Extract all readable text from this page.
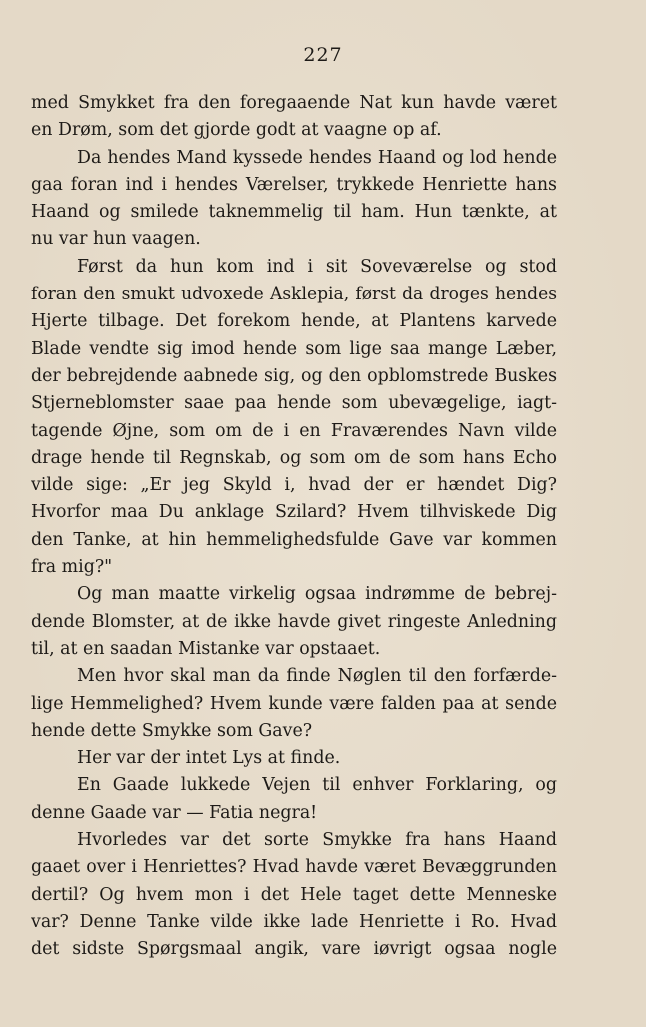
227
med Smykket fra den foregaaende Nat kun havde været
en Drøm, som det gjorde godt at vaagne op af.
Da hendes Mand kyssede hendes Haand og lod hende
gaa foran ind i hendes Værelser, trykkede Henriette hans
Haand og smilede taknemmelig til ham. Hun tænkte, at
nu var hun vaagen.
Først da hun kom ind i sit Soveværelse og stod
foran den smukt udvoxede Asklepia, først da droges hendes
Hjerte tilbage. Det forekom hende, at Plantens karvede
Blade vendte sig imod hende som lige saa mange Læber,
der bebrejdende aabnede sig, og den opblomstrede Buskes
Stjerneblomster saae paa hende som ubevægelige, iagt-
tagende Øjne, som om de i en Fraværendes Navn vilde
drage hende til Regnskab, og som om de som hans Echo
vilde sige: „Er jeg Skyld i, hvad der er hændet Dig?
Hvorfor maa Du anklage Szilard? Hvem tilhviskede Dig
den Tanke, at hin hemmelighedsfulde Gave var kommen
fra mig?"
Og man maatte virkelig ogsaa indrømme de bebrej-
dende Blomster, at de ikke havde givet ringeste Anledning
til, at en saadan Mistanke var opstaaet.
Men hvor skal man da finde Nøglen til den forfærde-
lige Hemmelighed? Hvem kunde være falden paa at sende
hende dette Smykke som Gave?
Her var der intet Lys at finde.
En Gaade lukkede Vejen til enhver Forklaring, og
denne Gaade var — Fatia negra!
Hvorledes var det sorte Smykke fra hans Haand
gaaet over i Henriettes? Hvad havde været Bevæggrunden
dertil? Og hvem mon i det Hele taget dette Menneske
var? Denne Tanke vilde ikke lade Henriette i Ro. Hvad
det sidste Spørgsmaal angik, vare iøvrigt ogsaa nogle
